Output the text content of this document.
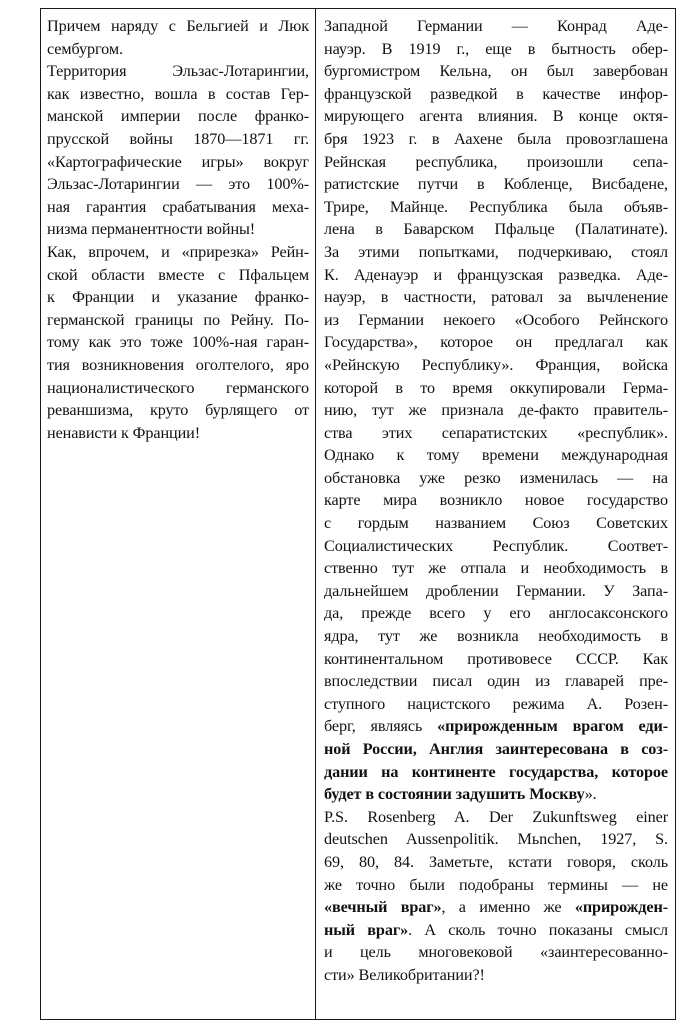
Причем наряду с Бельгией и Люк
сембургом.

Территория Эльзас-Лотарингии,
как известно, вошла в состав Гер-
манской империи после франко-
прусской войны 1870—1871 гг.
«Картографические игры» вокруг
Эльзас-Лотарингии — это 100%-
ная гарантия срабатывания меха-
низма перманентности войны!

Как, впрочем, и «прирезка» Рейн-
ской области вместе с Пфальцем
к Франции и указание франко-
германской границы по Рейну. По-
тому как это тоже 100%-ная гаран-
тия возникновения оголтелого, яро
националистического германского
реваншизма, круто бурлящего от
ненависти к Франции!

Западной Германии — Конрад Аде-
науэр. В 1919 г., еще в бытность обер-
бургомистром Кельна, он был завербован
французской разведкой в качестве инфор-
мирующего агента влияния. В конце октя-
бря 1923 г. в Аахене была провозглашена
Рейнская республика, произошли сепа-
ратистские путчи в Кобленце, Висбадене,
Трире, Майнце. Республика была объяв-
лена в Баварском Пфальце (Палатинате).
За этими попытками, подчеркиваю, стоял
К. Аденауэр и французская разведка. Аде-
науэр, в частности, ратовал за вычленение
из Германии некоего «Особого Рейнского
Государства», которое он предлагал как
«Рейнскую Республику». Франция, войска
которой в то время оккупировали Герма-
нию, тут же признала де-факто правитель-
ства этих сепаратистских «республик».
Однако к тому времени международная
обстановка уже резко изменилась — на
карте мира возникло новое государство
с гордым названием Союз Советских
Социалистических Республик. Соответ-
ственно тут же отпала и необходимость в
дальнейшем дроблении Германии. У Запа-
да, прежде всего у его англосаксонского
ядра, тут же возникла необходимость в
континентальном противовесе СССР. Как
впоследствии писал один из главарей пре-
ступного нацистского режима А. Розен-
берг, являясь «прирожденным врагом еди-
ной России, Англия заинтересована в соз-
дании на континенте государства, которое
будет в состоянии задушить Москву».
P.S. Rosenberg A. Der Zukunftsweg einer
deutschen Aussenpolitik. Mьnchen, 1927, S.
69, 80, 84. Заметьте, кстати говоря, сколь
же точно были подобраны термины — не
«вечный враг», а именно же «прирожден-
ный враг». А сколь точно показаны смысл
и цель многовековой «заинтересованно-
сти» Великобритании?!
